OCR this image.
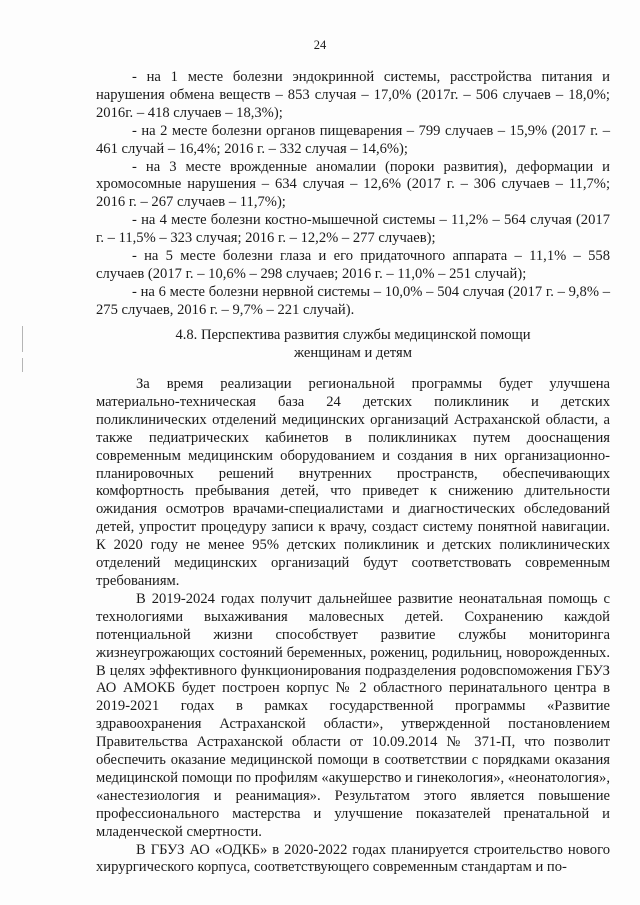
24

- на 1 месте болезни эндокринной системы, расстройства питания и нарушения обмена веществ – 853 случая – 17,0% (2017г. – 506 случаев – 18,0%; 2016г. – 418 случаев – 18,3%);

- на 2 месте болезни органов пищеварения – 799 случаев – 15,9% (2017 г. – 461 случай – 16,4%; 2016 г. – 332 случая – 14,6%);

- на 3 месте врожденные аномалии (пороки развития), деформации и хромосомные нарушения – 634 случая – 12,6% (2017 г. – 306 случаев – 11,7%; 2016 г. – 267 случаев – 11,7%);

- на 4 месте болезни костно-мышечной системы – 11,2% – 564 случая (2017 г. – 11,5% – 323 случая; 2016 г. – 12,2% – 277 случаев);

- на 5 месте болезни глаза и его придаточного аппарата – 11,1% – 558 случаев (2017 г. – 10,6% – 298 случаев; 2016 г. – 11,0% – 251 случай);

- на 6 месте болезни нервной системы – 10,0% – 504 случая (2017 г. – 9,8% – 275 случаев, 2016 г. – 9,7% – 221 случай).

4.8. Перспектива развития службы медицинской помощи
женщинам и детям

За время реализации региональной программы будет улучшена материально-техническая база 24 детских поликлиник и детских поликлинических отделений медицинских организаций Астраханской области, а также педиатрических кабинетов в поликлиниках путем дооснащения современным медицинским оборудованием и создания в них организационно-планировочных решений внутренних пространств, обеспечивающих комфортность пребывания детей, что приведет к снижению длительности ожидания осмотров врачами-специалистами и диагностических обследований детей, упростит процедуру записи к врачу, создаст систему понятной навигации. К 2020 году не менее 95% детских поликлиник и детских поликлинических отделений медицинских организаций будут соответствовать современным требованиям.

В 2019-2024 годах получит дальнейшее развитие неонатальная помощь с технологиями выхаживания маловесных детей. Сохранению каждой потенциальной жизни способствует развитие службы мониторинга жизнеугрожающих состояний беременных, рожениц, родильниц, новорожденных. В целях эффективного функционирования подразделения родовспоможения ГБУЗ АО АМОКБ будет построен корпус № 2 областного перинатального центра в 2019-2021 годах в рамках государственной программы «Развитие здравоохранения Астраханской области», утвержденной постановлением Правительства Астраханской области от 10.09.2014 № 371-П, что позволит обеспечить оказание медицинской помощи в соответствии с порядками оказания медицинской помощи по профилям «акушерство и гинекология», «неонатология», «анестезиология и реанимация». Результатом этого является повышение профессионального мастерства и улучшение показателей пренатальной и младенческой смертности.

В ГБУЗ АО «ОДКБ» в 2020-2022 годах планируется строительство нового хирургического корпуса, соответствующего современным стандартам и по-
